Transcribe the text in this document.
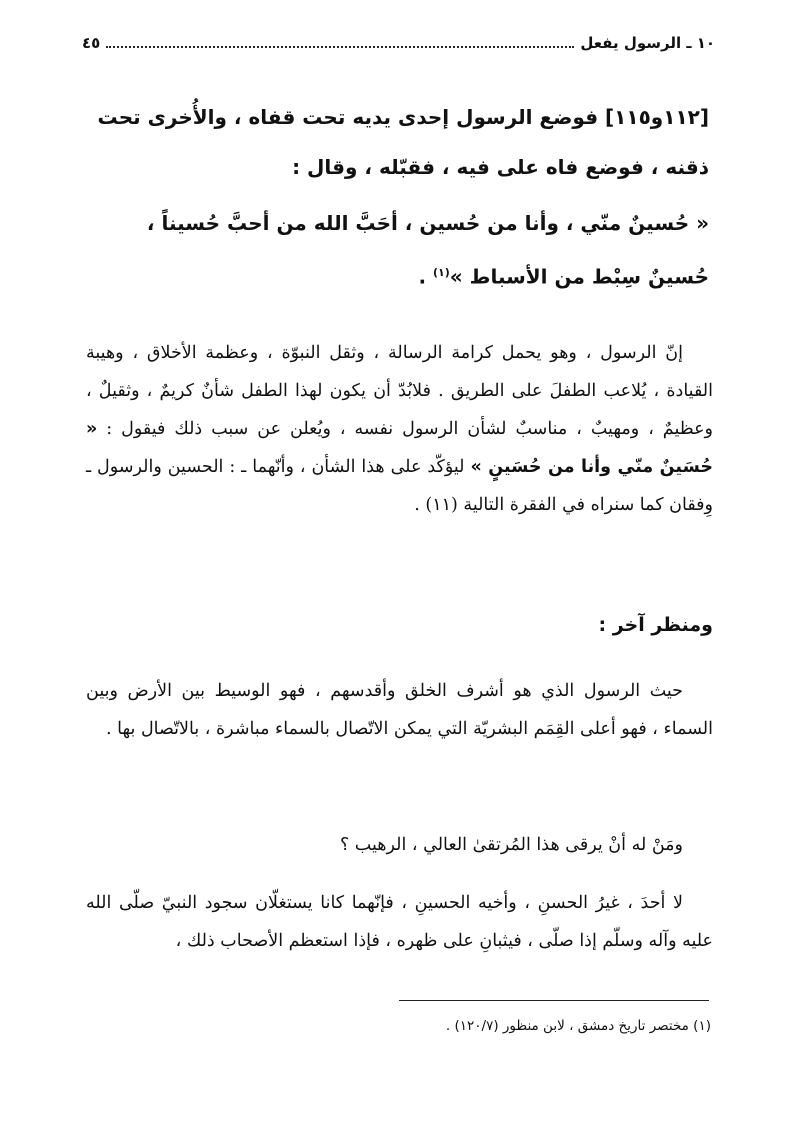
١٠ ـ الرسول يفعل
٤٥

[١١٢و١١٥] فوضع الرسول إحدى يديه تحت قفاه ، والأُخرى تحت ذقنه ، فوضع فاه على فيه ، فقبّله ، وقال :

« حُسينٌ منّي ، وأنا من حُسين ، أحَبَّ الله من أحبَّ حُسيناً ، حُسينٌ سِبْط من الأسباط »$^{(١)}$ .

إنّ الرسول ، وهو يحمل كرامة الرسالة ، وثقل النبوّة ، وعظمة الأخلاق ، وهيبة القيادة ، يُلاعب الطفلَ على الطريق . فلابُدّ أن يكون لهذا الطفل شأنٌ كريمٌ ، وثقيلٌ ، وعظيمٌ ، ومهيبٌ ، مناسبٌ لشأن الرسول نفسه ، ويُعلن عن سبب ذلك فيقول : « حُسَينٌ منّي وأنا من حُسَينٍ » ليؤكّد على هذا الشأن ، وأنّهما ـ : الحسين والرسول ـ وِفقان كما سنراه في الفقرة التالية (١١) .

ومنظر آخر :

حيث الرسول الذي هو أشرف الخلق وأقدسهم ، فهو الوسيط بين الأرض وبين السماء ، فهو أعلى القِمَم البشريّة التي يمكن الاتّصال بالسماء مباشرة ، بالاتّصال بها .

ومَنْ له أنْ يرقى هذا المُرتقىٰ العالي ، الرهيب ؟

لا أحدَ ، غيرُ الحسنِ ، وأخيه الحسينِ ، فإنّهما كانا يستغلّان سجود النبيّ صلّى الله عليه وآله وسلّم إذا صلّى ، فيثبانِ على ظهره ، فإذا استعظم الأصحاب ذلك ،

(١) مختصر تاريخ دمشق ، لابن منظور (١٢٠/٧) .
